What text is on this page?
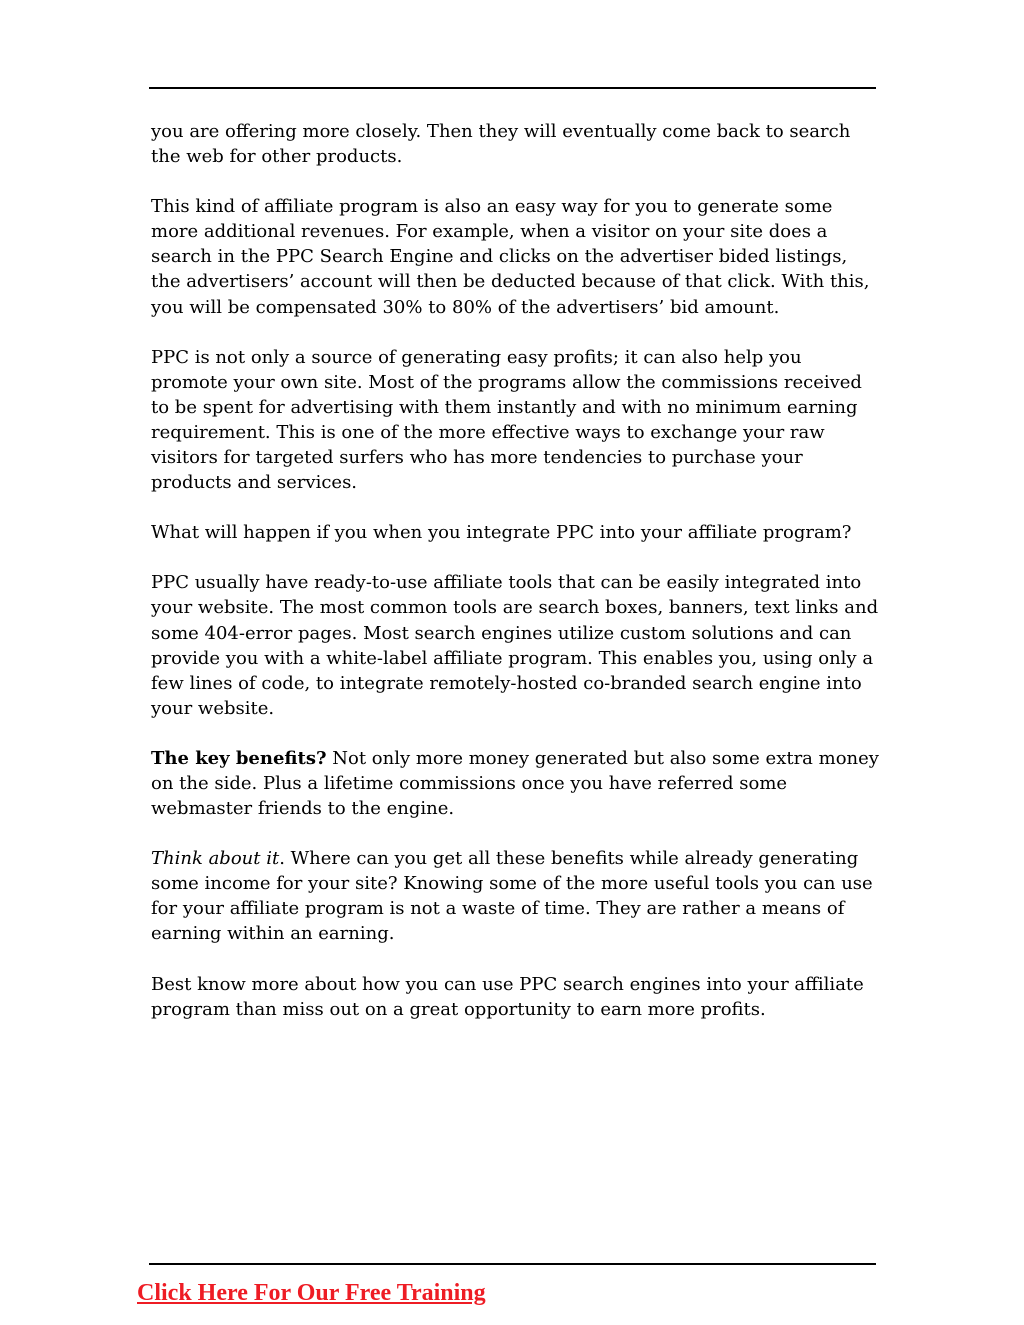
you are offering more closely. Then they will eventually come back to search the web for other products.

This kind of affiliate program is also an easy way for you to generate some more additional revenues. For example, when a visitor on your site does a search in the PPC Search Engine and clicks on the advertiser bided listings, the advertisers’ account will then be deducted because of that click. With this, you will be compensated 30% to 80% of the advertisers’ bid amount.

PPC is not only a source of generating easy profits; it can also help you promote your own site. Most of the programs allow the commissions received to be spent for advertising with them instantly and with no minimum earning requirement. This is one of the more effective ways to exchange your raw visitors for targeted surfers who has more tendencies to purchase your products and services.

What will happen if you when you integrate PPC into your affiliate program?

PPC usually have ready-to-use affiliate tools that can be easily integrated into your website. The most common tools are search boxes, banners, text links and some 404-error pages. Most search engines utilize custom solutions and can provide you with a white-label affiliate program. This enables you, using only a few lines of code, to integrate remotely-hosted co-branded search engine into your website.

The key benefits? Not only more money generated but also some extra money on the side. Plus a lifetime commissions once you have referred some webmaster friends to the engine.

Think about it. Where can you get all these benefits while already generating some income for your site? Knowing some of the more useful tools you can use for your affiliate program is not a waste of time. They are rather a means of earning within an earning.

Best know more about how you can use PPC search engines into your affiliate program than miss out on a great opportunity to earn more profits.

Click Here For Our Free Training
